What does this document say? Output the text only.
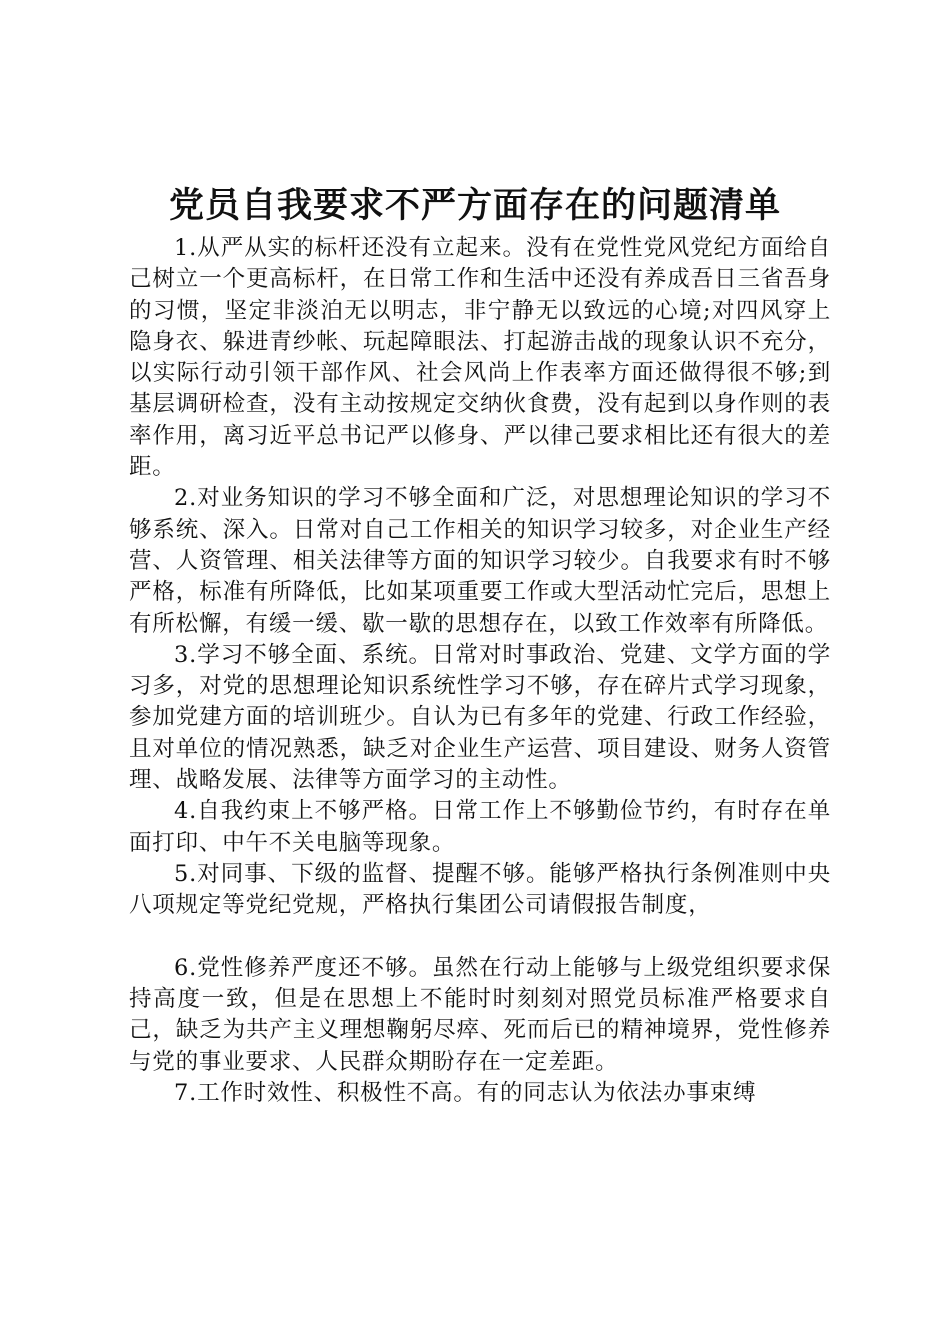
党员自我要求不严方面存在的问题清单

1.从严从实的标杆还没有立起来。没有在党性党风党纪方面给自己树立一个更高标杆，在日常工作和生活中还没有养成吾日三省吾身的习惯，坚定非淡泊无以明志，非宁静无以致远的心境;对四风穿上隐身衣、躲进青纱帐、玩起障眼法、打起游击战的现象认识不充分，以实际行动引领干部作风、社会风尚上作表率方面还做得很不够;到基层调研检查，没有主动按规定交纳伙食费，没有起到以身作则的表率作用，离习近平总书记严以修身、严以律己要求相比还有很大的差距。

2.对业务知识的学习不够全面和广泛，对思想理论知识的学习不够系统、深入。日常对自己工作相关的知识学习较多，对企业生产经营、人资管理、相关法律等方面的知识学习较少。自我要求有时不够严格，标准有所降低，比如某项重要工作或大型活动忙完后，思想上有所松懈，有缓一缓、歇一歇的思想存在，以致工作效率有所降低。

3.学习不够全面、系统。日常对时事政治、党建、文学方面的学习多，对党的思想理论知识系统性学习不够，存在碎片式学习现象，参加党建方面的培训班少。自认为已有多年的党建、行政工作经验，且对单位的情况熟悉，缺乏对企业生产运营、项目建设、财务人资管理、战略发展、法律等方面学习的主动性。

4.自我约束上不够严格。日常工作上不够勤俭节约，有时存在单面打印、中午不关电脑等现象。

5.对同事、下级的监督、提醒不够。能够严格执行条例准则中央八项规定等党纪党规，严格执行集团公司请假报告制度，

6.党性修养严度还不够。虽然在行动上能够与上级党组织要求保持高度一致，但是在思想上不能时时刻刻对照党员标准严格要求自己，缺乏为共产主义理想鞠躬尽瘁、死而后已的精神境界，党性修养与党的事业要求、人民群众期盼存在一定差距。

7.工作时效性、积极性不高。有的同志认为依法办事束缚
